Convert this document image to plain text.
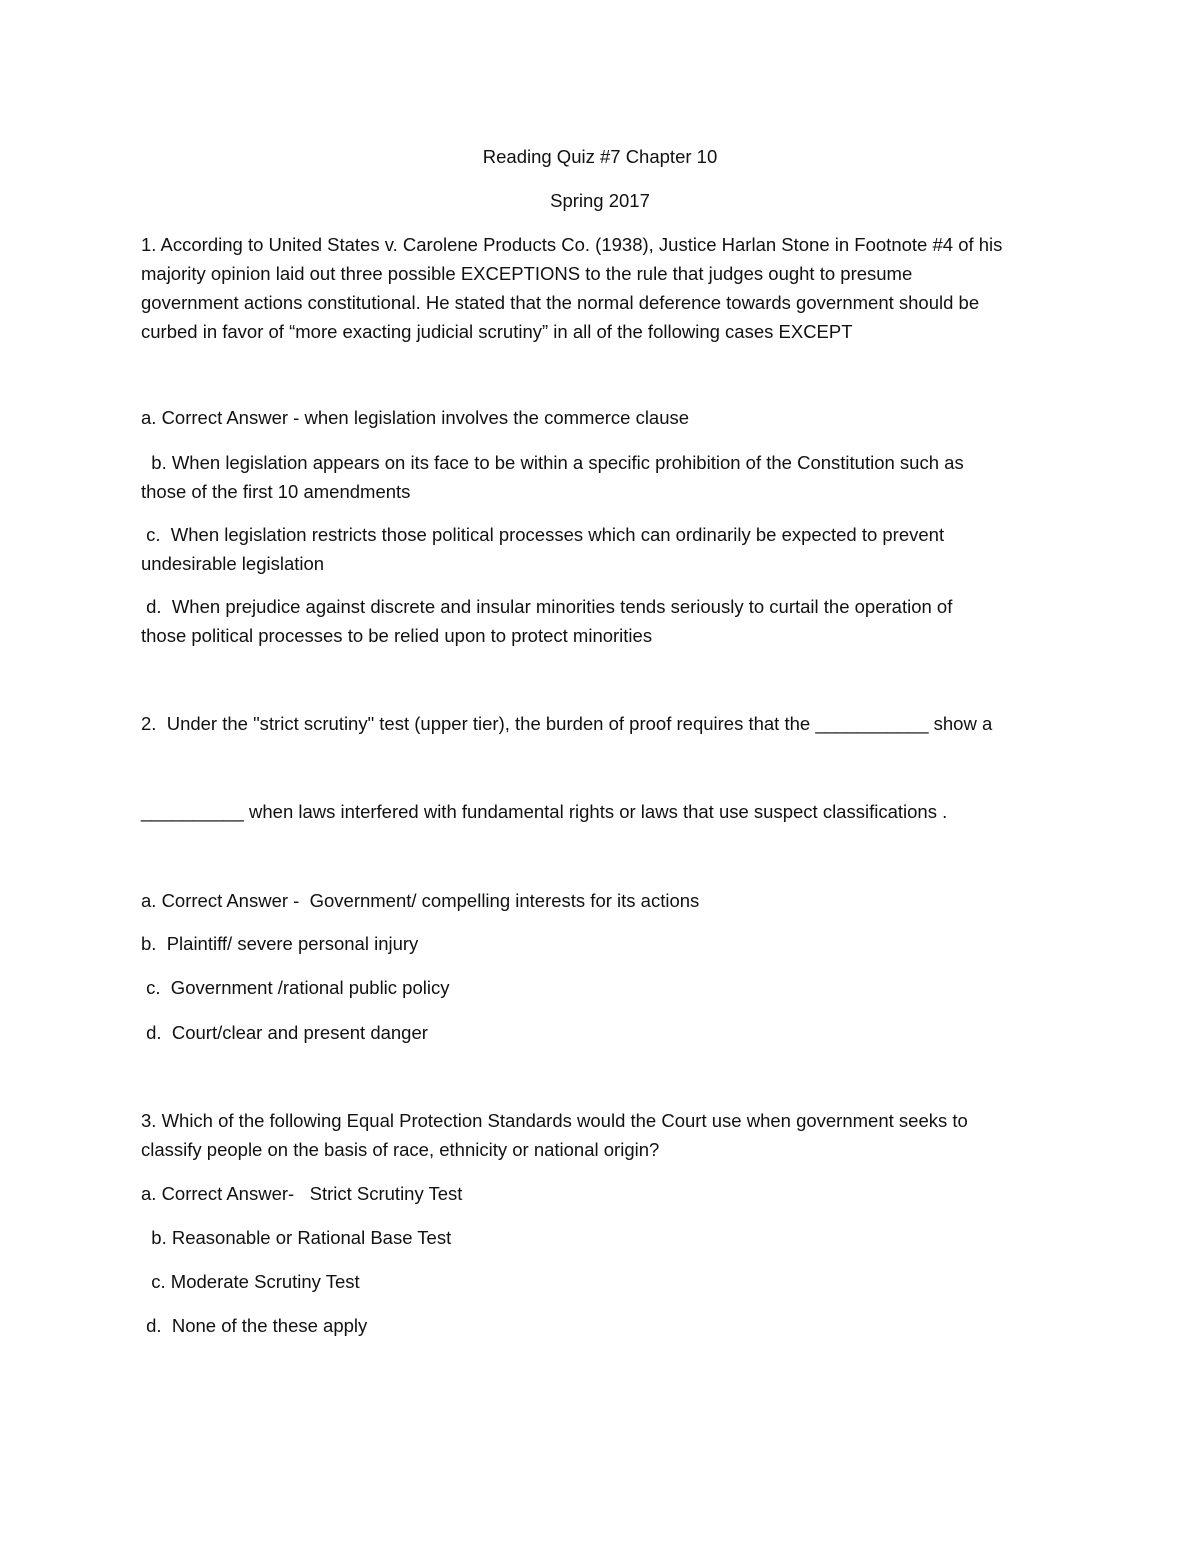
Reading Quiz #7 Chapter 10

Spring 2017

1. According to United States v. Carolene Products Co. (1938), Justice Harlan Stone in Footnote #4 of his

majority opinion laid out three possible EXCEPTIONS to the rule that judges ought to presume

government actions constitutional. He stated that the normal deference towards government should be

curbed in favor of “more exacting judicial scrutiny” in all of the following cases EXCEPT

a. Correct Answer - when legislation involves the commerce clause

b. When legislation appears on its face to be within a specific prohibition of the Constitution such as

those of the first 10 amendments

c.  When legislation restricts those political processes which can ordinarily be expected to prevent

undesirable legislation

d.  When prejudice against discrete and insular minorities tends seriously to curtail the operation of

those political processes to be relied upon to protect minorities

2.  Under the "strict scrutiny" test (upper tier), the burden of proof requires that the ___________ show a

__________ when laws interfered with fundamental rights or laws that use suspect classifications .

a. Correct Answer -  Government/ compelling interests for its actions

b.  Plaintiff/ severe personal injury

c.  Government /rational public policy

d.  Court/clear and present danger

3. Which of the following Equal Protection Standards would the Court use when government seeks to

classify people on the basis of race, ethnicity or national origin?

a. Correct Answer-   Strict Scrutiny Test

b. Reasonable or Rational Base Test

c. Moderate Scrutiny Test

d.  None of the these apply
